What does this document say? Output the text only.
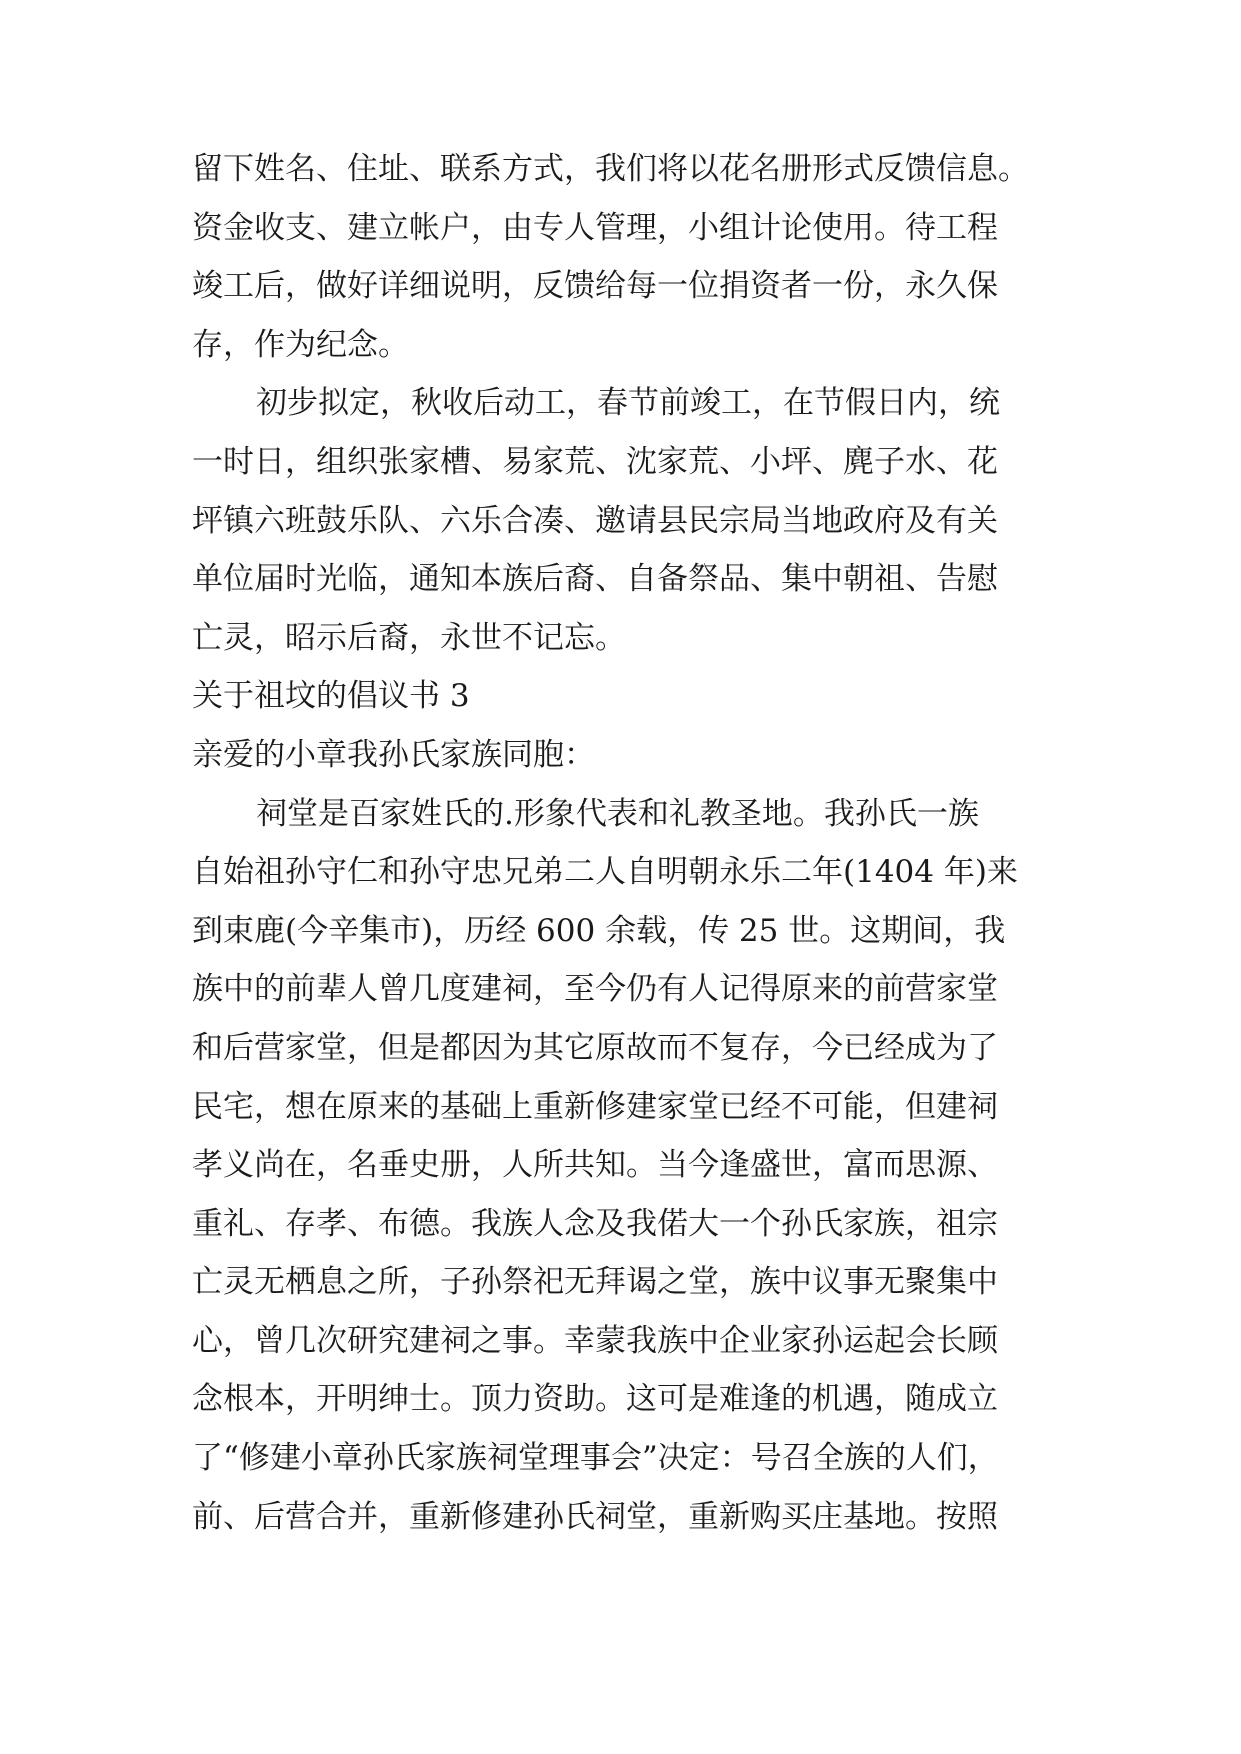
留下姓名、住址、联系方式，我们将以花名册形式反馈信息。
资金收支、建立帐户，由专人管理，小组计论使用。待工程
竣工后，做好详细说明，反馈给每一位捐资者一份，永久保
存，作为纪念。
初步拟定，秋收后动工，春节前竣工，在节假日内，统
一时日，组织张家槽、易家荒、沈家荒、小坪、麂子水、花
坪镇六班鼓乐队、六乐合凑、邀请县民宗局当地政府及有关
单位届时光临，通知本族后裔、自备祭品、集中朝祖、告慰
亡灵，昭示后裔，永世不记忘。
关于祖坟的倡议书 3
亲爱的小章我孙氏家族同胞：
祠堂是百家姓氏的.形象代表和礼教圣地。我孙氏一族
自始祖孙守仁和孙守忠兄弟二人自明朝永乐二年(1404 年)来
到束鹿(今辛集市)，历经 600 余载，传 25 世。这期间，我
族中的前辈人曾几度建祠，至今仍有人记得原来的前营家堂
和后营家堂，但是都因为其它原故而不复存，今已经成为了
民宅，想在原来的基础上重新修建家堂已经不可能，但建祠
孝义尚在，名垂史册，人所共知。当今逢盛世，富而思源、
重礼、存孝、布德。我族人念及我偌大一个孙氏家族，祖宗
亡灵无栖息之所，子孙祭祀无拜谒之堂，族中议事无聚集中
心，曾几次研究建祠之事。幸蒙我族中企业家孙运起会长顾
念根本，开明绅士。顶力资助。这可是难逢的机遇，随成立
了“修建小章孙氏家族祠堂理事会”决定：号召全族的人们，
前、后营合并，重新修建孙氏祠堂，重新购买庄基地。按照
